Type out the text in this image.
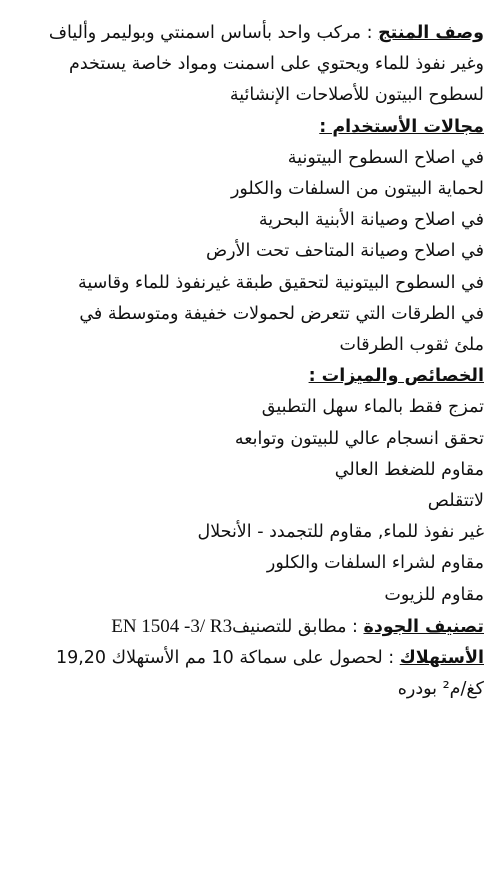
وصف المنتج : مركب واحد بأساس اسمنتي وبوليمر وألياف
وغير نفوذ للماء ويحتوي على اسمنت ومواد خاصة يستخدم
لسطوح البيتون للأصلاحات الإنشائية
مجالات الأستخدام :
في اصلاح السطوح البيتونية
لحماية البيتون من السلفات والكلور
في اصلاح وصيانة الأبنية البحرية
في اصلاح وصيانة المتاحف تحت الأرض
في السطوح البيتونية لتحقيق طبقة غيرنفوذ للماء وقاسية
في الطرقات التي تتعرض لحمولات خفيفة ومتوسطة في
ملئ ثقوب الطرقات
الخصائص والميزات :
تمزج فقط بالماء سهل التطبيق
تحقق انسجام عالي للبيتون وتوابعه
مقاوم للضغط العالي
لاتتقلص
غير نفوذ للماء, مقاوم للتجمدد - الأنحلال
مقاوم لشراء السلفات والكلور
مقاوم للزيوت
تصنيف الجودة : مطابق للتصنيفEN 1504 -3/ R3
الأستهلاك : لحصول على سماكة 10 مم الأستهلاك 19,20
كغ/م² بودره
